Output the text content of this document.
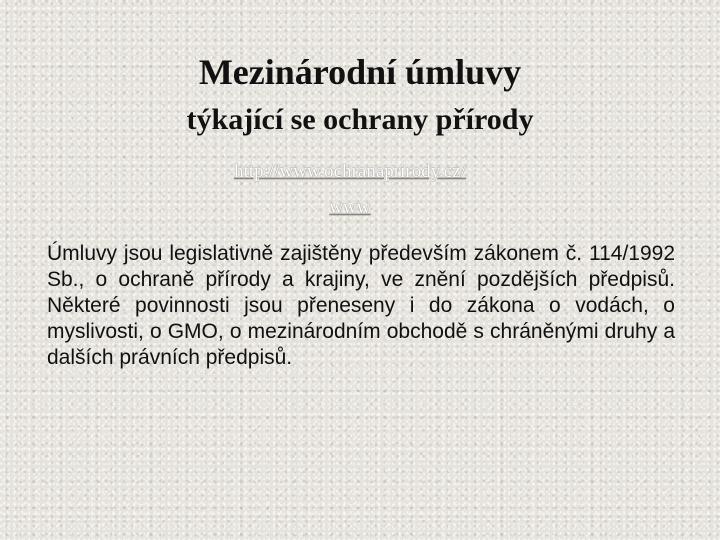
Mezinárodní úmluvy
týkající se ochrany přírody
http://www.ochranaprirody.cz/
www

Úmluvy jsou legislativně zajištěny především zákonem č. 114/1992 Sb., o ochraně přírody a krajiny, ve znění pozdějších předpisů. Některé povinnosti jsou přeneseny i do zákona o vodách, o myslivosti, o GMO, o mezinárodním obchodě s chráněnými druhy a dalších právních předpisů.
